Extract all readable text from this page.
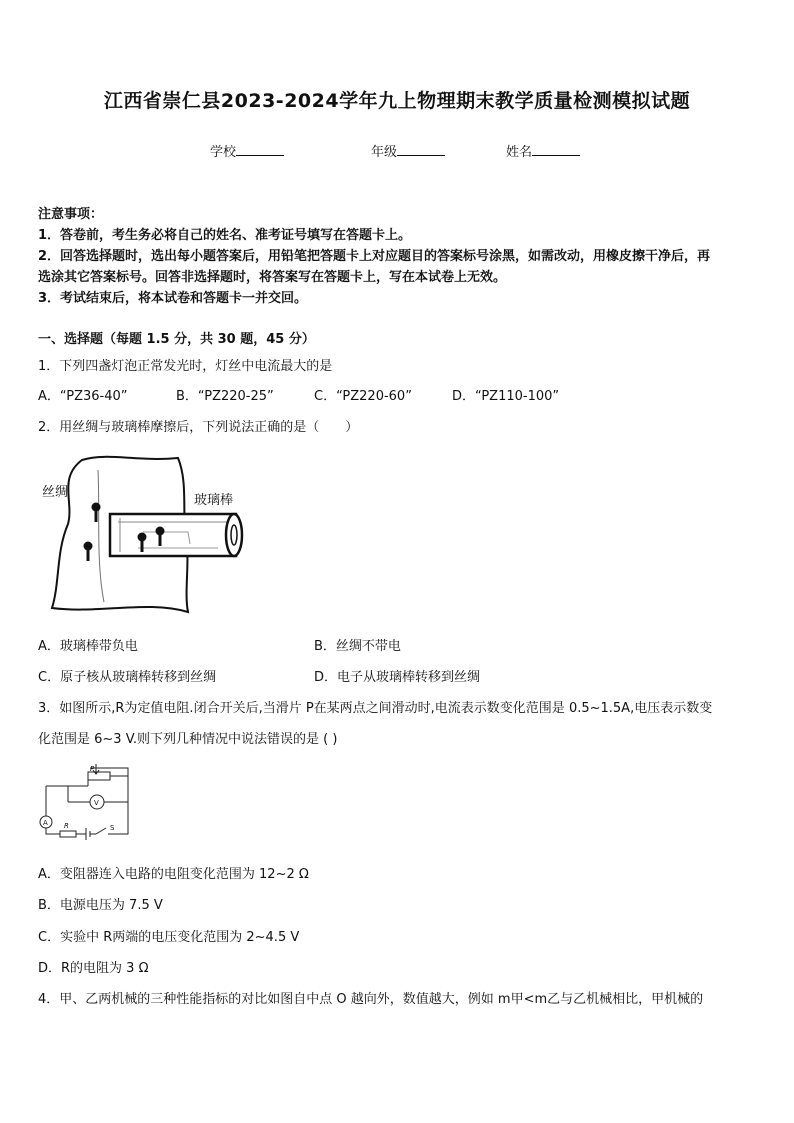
江西省崇仁县2023-2024学年九上物理期末教学质量检测模拟试题
学校	年级	姓名
注意事项：
1．答卷前，考生务必将自己的姓名、准考证号填写在答题卡上。
2．回答选择题时，选出每小题答案后，用铅笔把答题卡上对应题目的答案标号涂黑，如需改动，用橡皮擦干净后，再
选涂其它答案标号。回答非选择题时，将答案写在答题卡上，写在本试卷上无效。
3．考试结束后，将本试卷和答题卡一并交回。
一、选择题（每题 1.5 分，共 30 题，45 分）
1．下列四盏灯泡正常发光时，灯丝中电流最大的是
A．“PZ36-40”	B．“PZ220-25”	C．“PZ220-60”	D．“PZ110-100”
2．用丝绸与玻璃棒摩擦后，下列说法正确的是（　　）
丝绸
玻璃棒
A．玻璃棒带负电	B．丝绸不带电
C．原子核从玻璃棒转移到丝绸	D．电子从玻璃棒转移到丝绸
3．如图所示,R为定值电阻.闭合开关后,当滑片 P在某两点之间滑动时,电流表示数变化范围是 0.5~1.5A,电压表示数变
化范围是 6~3 V.则下列几种情况中说法错误的是 ( )
P
V
A R	S
A．变阻器连入电路的电阻变化范围为 12~2 Ω
B．电源电压为 7.5 V
C．实验中 R两端的电压变化范围为 2~4.5 V
D．R的电阻为 3 Ω
4．甲、乙两机械的三种性能指标的对比如图自中点 O 越向外，数值越大，例如 m甲<m乙与乙机械相比，甲机械的
